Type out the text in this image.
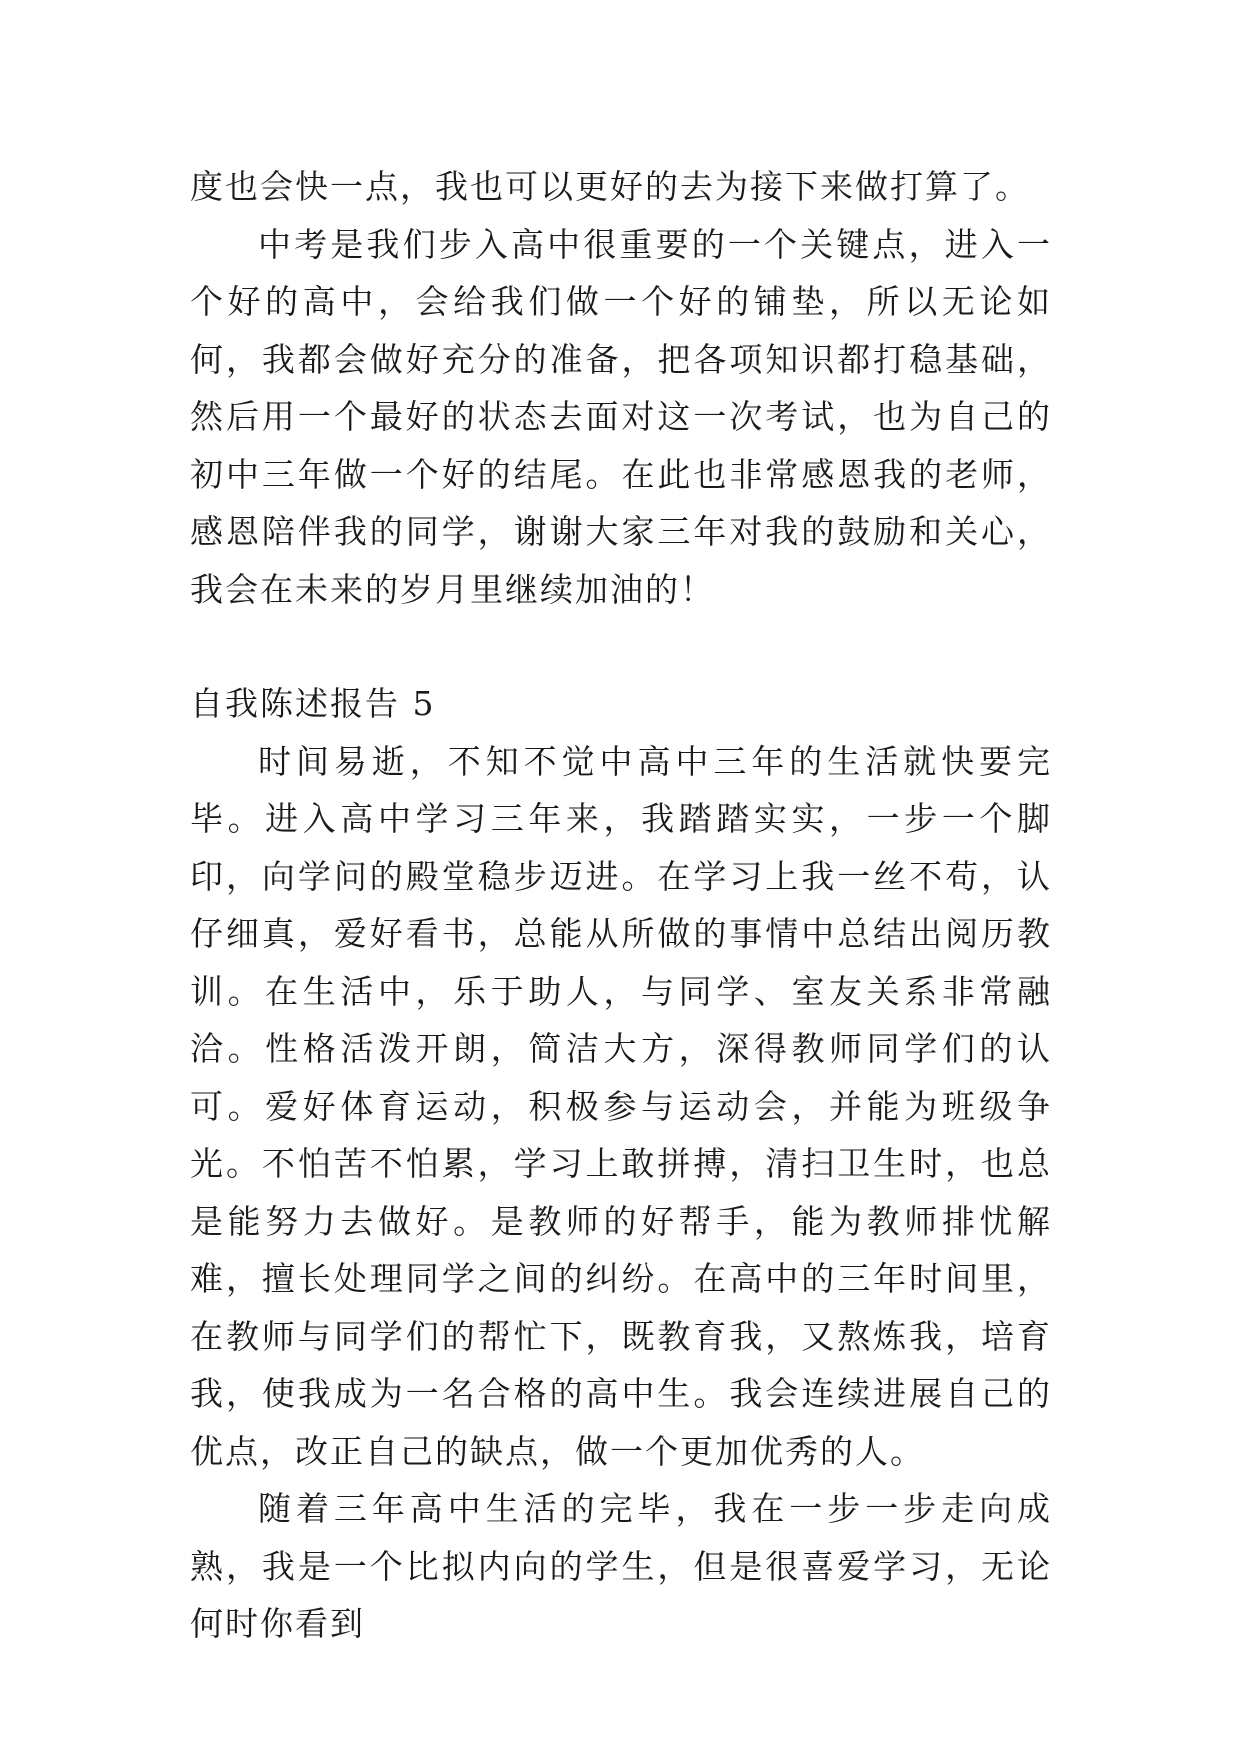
度也会快一点，我也可以更好的去为接下来做打算了。

中考是我们步入高中很重要的一个关键点，进入一个好的高中，会给我们做一个好的铺垫，所以无论如何，我都会做好充分的准备，把各项知识都打稳基础，然后用一个最好的状态去面对这一次考试，也为自己的初中三年做一个好的结尾。在此也非常感恩我的老师，感恩陪伴我的同学，谢谢大家三年对我的鼓励和关心，我会在未来的岁月里继续加油的！

自我陈述报告 5

时间易逝，不知不觉中高中三年的生活就快要完毕。进入高中学习三年来，我踏踏实实，一步一个脚印，向学问的殿堂稳步迈进。在学习上我一丝不苟，认仔细真，爱好看书，总能从所做的事情中总结出阅历教训。在生活中，乐于助人，与同学、室友关系非常融洽。性格活泼开朗，简洁大方，深得教师同学们的认可。爱好体育运动，积极参与运动会，并能为班级争光。不怕苦不怕累，学习上敢拼搏，清扫卫生时，也总是能努力去做好。是教师的好帮手，能为教师排忧解难，擅长处理同学之间的纠纷。在高中的三年时间里，在教师与同学们的帮忙下，既教育我，又熬炼我，培育我，使我成为一名合格的高中生。我会连续进展自己的优点，改正自己的缺点，做一个更加优秀的人。

随着三年高中生活的完毕，我在一步一步走向成熟，我是一个比拟内向的学生，但是很喜爱学习，无论何时你看到
